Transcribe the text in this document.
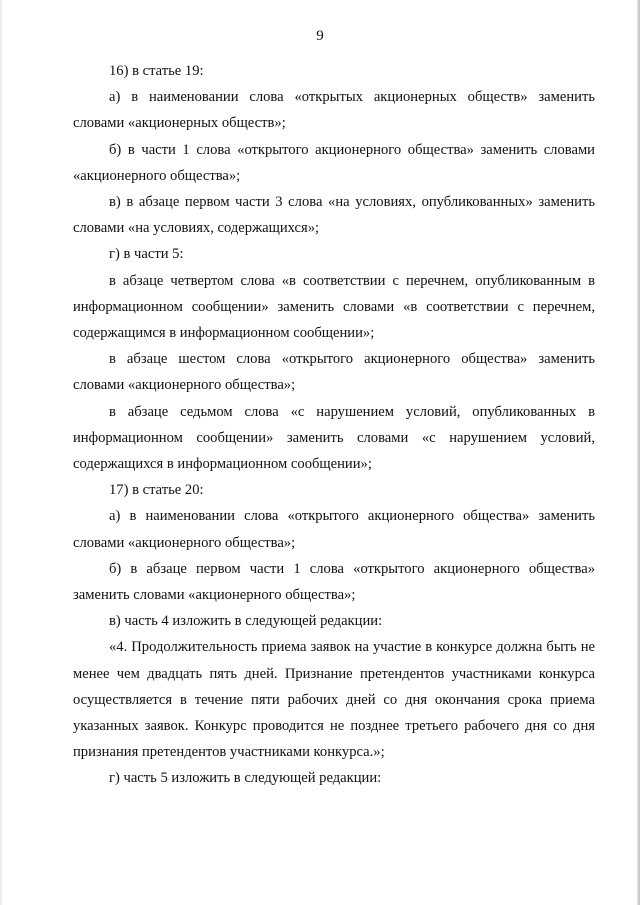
9

16) в статье 19:

а) в наименовании слова «открытых акционерных обществ» заменить словами «акционерных обществ»;

б) в части 1 слова «открытого акционерного общества» заменить словами «акционерного общества»;

в) в абзаце первом части 3 слова «на условиях, опубликованных» заменить словами «на условиях, содержащихся»;

г) в части 5:

в абзаце четвертом слова «в соответствии с перечнем, опубликованным в информационном сообщении» заменить словами «в соответствии с перечнем, содержащимся в информационном сообщении»;

в абзаце шестом слова «открытого акционерного общества» заменить словами «акционерного общества»;

в абзаце седьмом слова «с нарушением условий, опубликованных в информационном сообщении» заменить словами «с нарушением условий, содержащихся в информационном сообщении»;

17) в статье 20:

а) в наименовании слова «открытого акционерного общества» заменить словами «акционерного общества»;

б) в абзаце первом части 1 слова «открытого акционерного общества» заменить словами «акционерного общества»;

в) часть 4 изложить в следующей редакции:

«4. Продолжительность приема заявок на участие в конкурсе должна быть не менее чем двадцать пять дней. Признание претендентов участниками конкурса осуществляется в течение пяти рабочих дней со дня окончания срока приема указанных заявок. Конкурс проводится не позднее третьего рабочего дня со дня признания претендентов участниками конкурса.»;

г) часть 5 изложить в следующей редакции:
